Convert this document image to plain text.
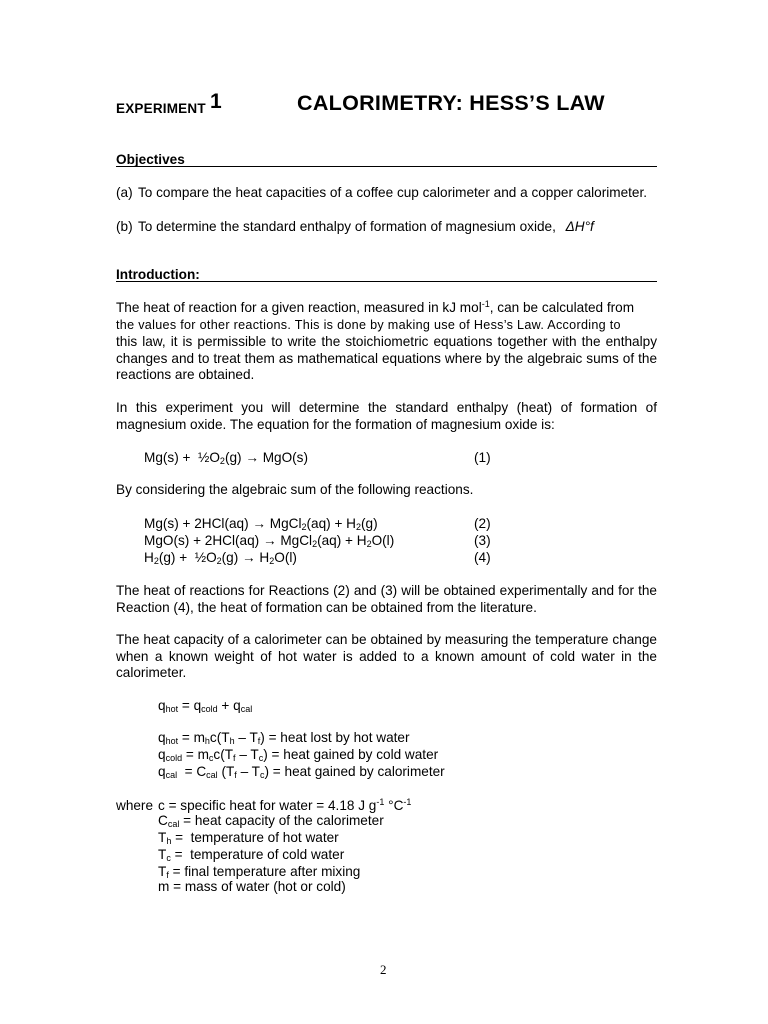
EXPERIMENT 1	CALORIMETRY: HESS’S LAW
Objectives
(a) To compare the heat capacities of a coffee cup calorimeter and a copper calorimeter.
(b) To determine the standard enthalpy of formation of magnesium oxide, ΔH°f
Introduction:
The heat of reaction for a given reaction, measured in kJ mol$^{-1}$, can be calculated from
the values for other reactions. This is done by making use of Hess’s Law. According to
this law, it is permissible to write the stoichiometric equations together with the enthalpy changes and to treat them as mathematical equations where by the algebraic sums of the reactions are obtained.
In this experiment you will determine the standard enthalpy (heat) of formation of magnesium oxide. The equation for the formation of magnesium oxide is:
$Mg(s) + \frac{1}{2}O_2(g) \to MgO(s)$	(1)
By considering the algebraic sum of the following reactions.
Mg(s) + 2HCl(aq) → MgCl$_2$(aq) + $H_2(g)$	(2)
MgO(s) + 2HCl(aq) → MgCl$_2$(aq) + $H_2O(l)$	(3)
$H_2(g)$ +  $\frac{1}{2}O_2(g) \to H_2O(l)$	(4)
The heat of reactions for Reactions (2) and (3) will be obtained experimentally and for the Reaction (4), the heat of formation can be obtained from the literature.
The heat capacity of a calorimeter can be obtained by measuring the temperature change when a known weight of hot water is added to a known amount of cold water in the calorimeter.
$q_{hot} = q_{cold} + q_{cal}$
$q_{hot} = m_hc(T_h - T_f)$ = heat lost by hot water
$q_{cold} = m_cc(T_f - T_c)$ = heat gained by cold water
$q_{cal} = C_{cal}$ $(T_f - T_c)$ = heat gained by calorimeter
where c = specific heat for water = 4.18 J $g^{-1}$ $^\circ C^{-1}$
$C_{cal}$ = heat capacity of the calorimeter
$T_h$ =  temperature of hot water
$T_c$ =  temperature of cold water
$T_f$ = final temperature after mixing
m = mass of water (hot or cold)
2
